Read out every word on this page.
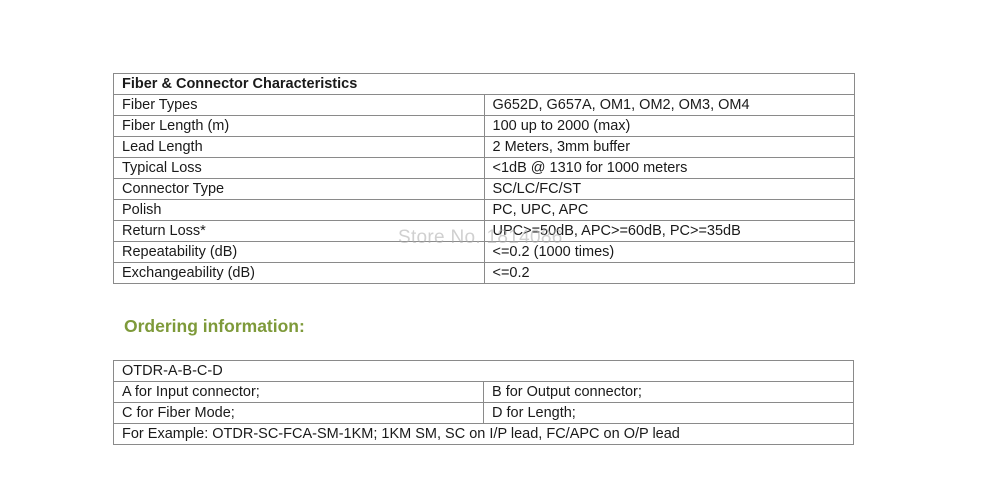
Fiber & Connector Characteristics	
Fiber Types	G652D, G657A, OM1, OM2, OM3, OM4
Fiber Length (m)	100 up to 2000 (max)
Lead Length	2 Meters, 3mm buffer
Typical Loss	<1dB @ 1310 for 1000 meters
Connector Type	SC/LC/FC/ST
Polish	PC, UPC, APC
Return Loss*	UPC>=50dB, APC>=60dB, PC>=35dB
Repeatability (dB)	<=0.2 (1000 times)
Exchangeability (dB)	<=0.2
Store No. 1814086
Ordering information:
OTDR-A-B-C-D	
A for Input connector;	B for Output connector;
C for Fiber Mode;	D for Length;
For Example: OTDR-SC-FCA-SM-1KM; 1KM SM, SC on I/P lead, FC/APC on O/P lead	
